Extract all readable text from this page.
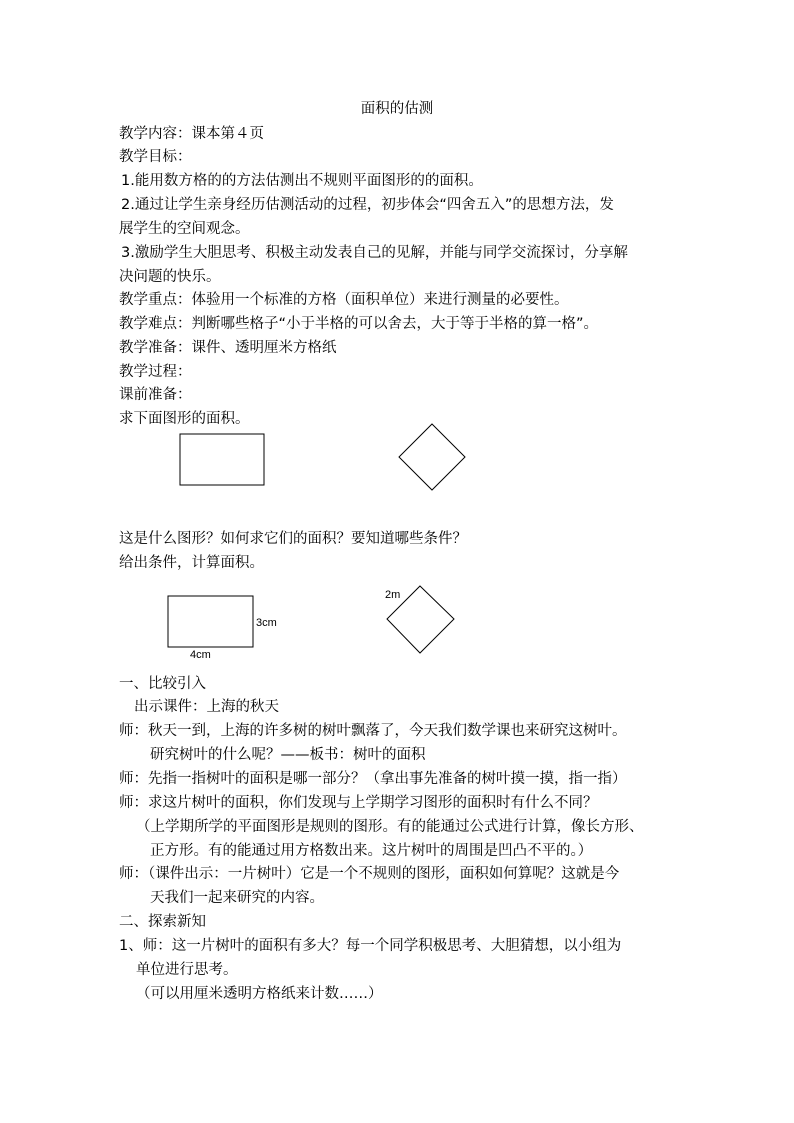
面积的估测
教学内容：课本第４页
教学目标：
1.能用数方格的的方法估测出不规则平面图形的的面积。
2.通过让学生亲身经历估测活动的过程，初步体会“四舍五入”的思想方法，发
展学生的空间观念。
3.激励学生大胆思考、积极主动发表自己的见解，并能与同学交流探讨，分享解
决问题的快乐。
教学重点：体验用一个标准的方格（面积单位）来进行测量的必要性。
教学难点：判断哪些格子“小于半格的可以舍去，大于等于半格的算一格”。
教学准备：课件、透明厘米方格纸
教学过程：
课前准备：
求下面图形的面积。
3cm
4cm
2m
这是什么图形？如何求它们的面积？要知道哪些条件？
给出条件，计算面积。
一、比较引入
出示课件：上海的秋天
师：秋天一到，上海的许多树的树叶飘落了，今天我们数学课也来研究这树叶。
研究树叶的什么呢？——板书：树叶的面积
师：先指一指树叶的面积是哪一部分？（拿出事先准备的树叶摸一摸，指一指）
师：求这片树叶的面积，你们发现与上学期学习图形的面积时有什么不同？
（上学期所学的平面图形是规则的图形。有的能通过公式进行计算，像长方形、
正方形。有的能通过用方格数出来。这片树叶的周围是凹凸不平的。）
师：（课件出示：一片树叶）它是一个不规则的图形，面积如何算呢？这就是今
天我们一起来研究的内容。
二、探索新知
1、师：这一片树叶的面积有多大？每一个同学积极思考、大胆猜想，以小组为
单位进行思考。
（可以用厘米透明方格纸来计数……）
